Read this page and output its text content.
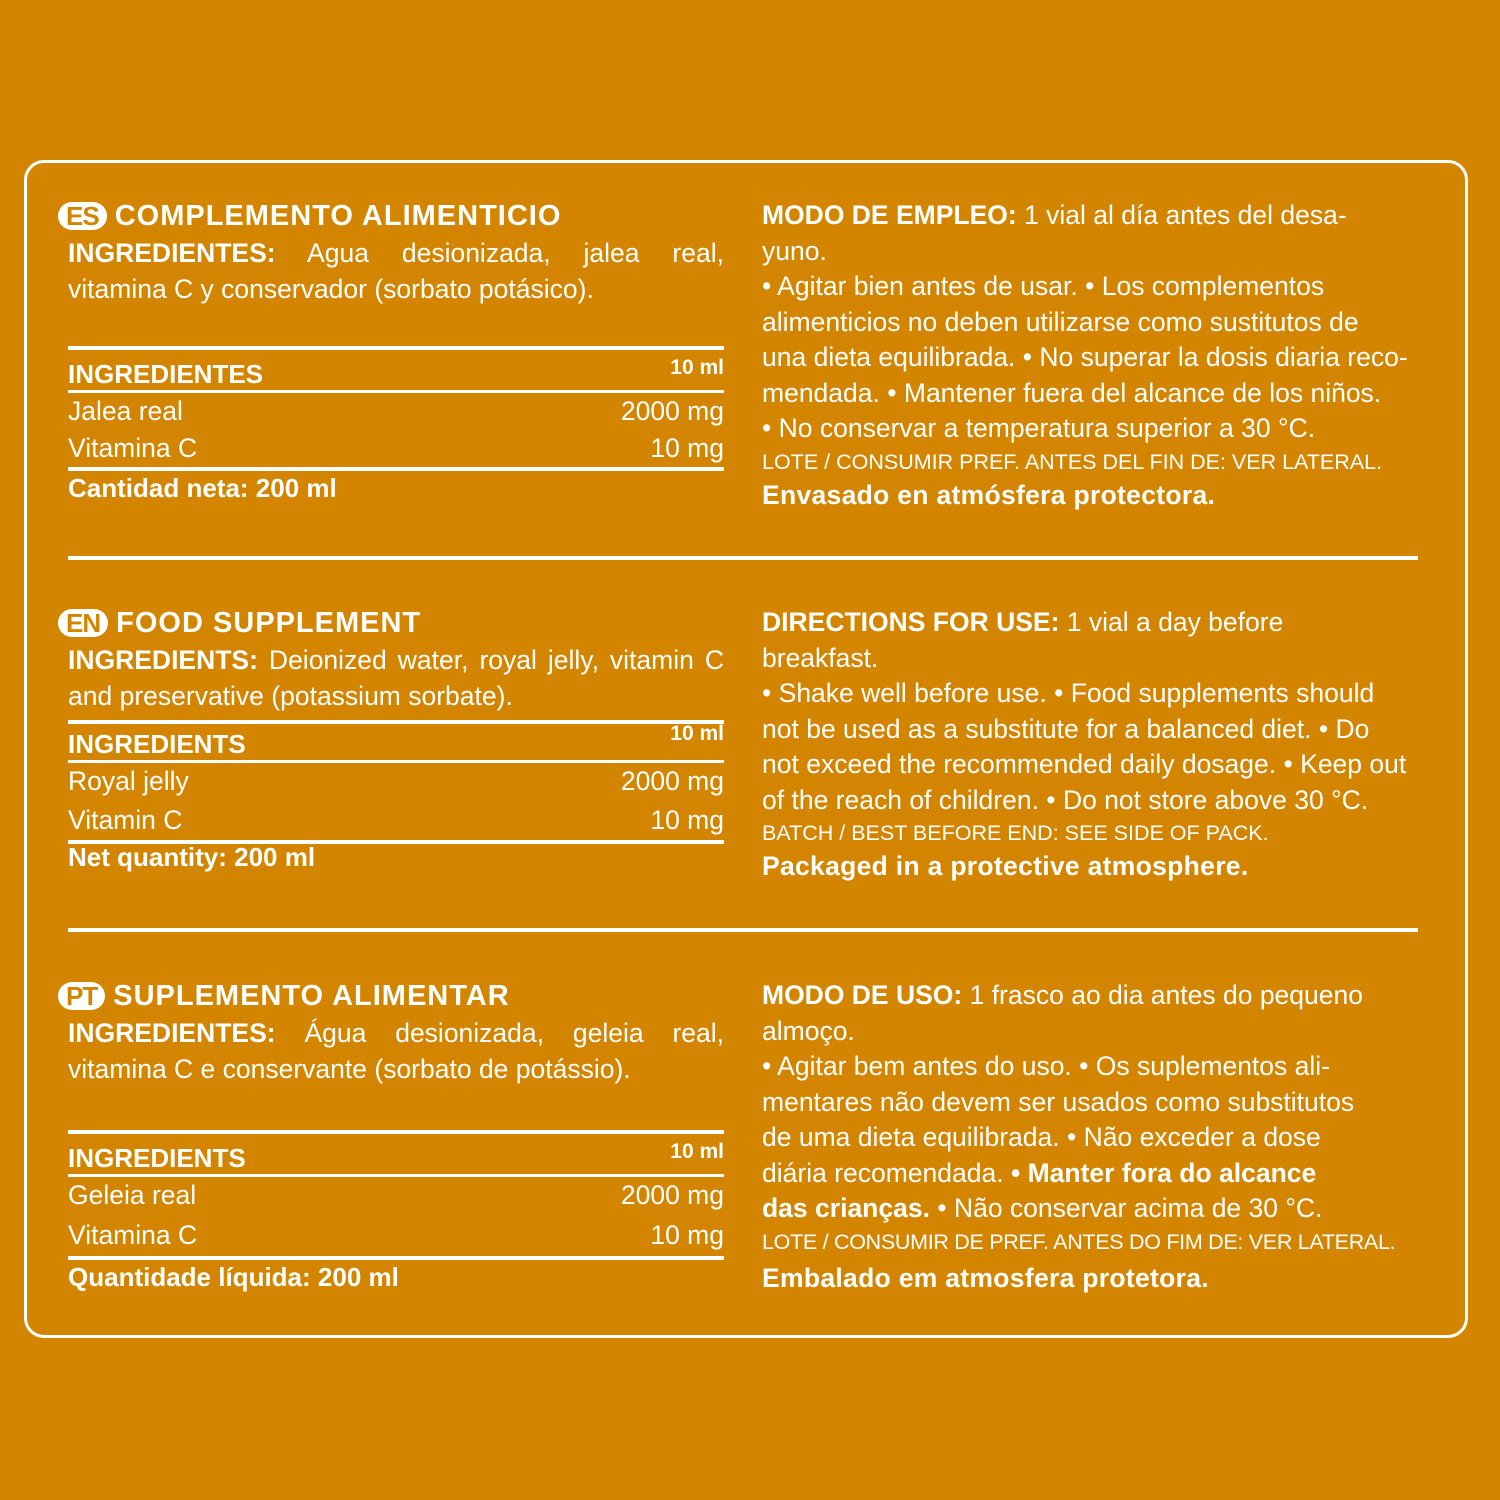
ES COMPLEMENTO ALIMENTICIO

INGREDIENTES: Agua desionizada, jalea real, vitamina C y conservador (sorbato potásico).

INGREDIENTES	10 ml
Jalea real	2000 mg
Vitamina C	10 mg
Cantidad neta: 200 ml

MODO DE EMPLEO: 1 vial al día antes del desa-
yuno.
• Agitar bien antes de usar. • Los complementos
alimenticios no deben utilizarse como sustitutos de
una dieta equilibrada. • No superar la dosis diaria reco-
mendada. • Mantener fuera del alcance de los niños.
• No conservar a temperatura superior a 30 °C.

LOTE / CONSUMIR PREF. ANTES DEL FIN DE: VER LATERAL.
Envasado en atmósfera protectora.
EN FOOD SUPPLEMENT

INGREDIENTS: Deionized water, royal jelly, vitamin C and preservative (potassium sorbate).

INGREDIENTS	10 ml
Royal jelly	2000 mg
Vitamin C	10 mg
Net quantity: 200 ml

DIRECTIONS FOR USE: 1 vial a day before
breakfast.
• Shake well before use. • Food supplements should
not be used as a substitute for a balanced diet. • Do
not exceed the recommended daily dosage. • Keep out
of the reach of children. • Do not store above 30 °C.

BATCH / BEST BEFORE END: SEE SIDE OF PACK.
Packaged in a protective atmosphere.
PT SUPLEMENTO ALIMENTAR

INGREDIENTES: Água desionizada, geleia real, vitamina C e conservante (sorbato de potássio).

INGREDIENTS	10 ml
Geleia real	2000 mg
Vitamina C	10 mg
Quantidade líquida: 200 ml

MODO DE USO: 1 frasco ao dia antes do pequeno
almoço.
• Agitar bem antes do uso. • Os suplementos ali-
mentares não devem ser usados como substitutos
de uma dieta equilibrada. • Não exceder a dose
diária recomendada. • Manter fora do alcance
das crianças. • Não conservar acima de 30 °C.

LOTE / CONSUMIR DE PREF. ANTES DO FIM DE: VER LATERAL.
Embalado em atmosfera protetora.
